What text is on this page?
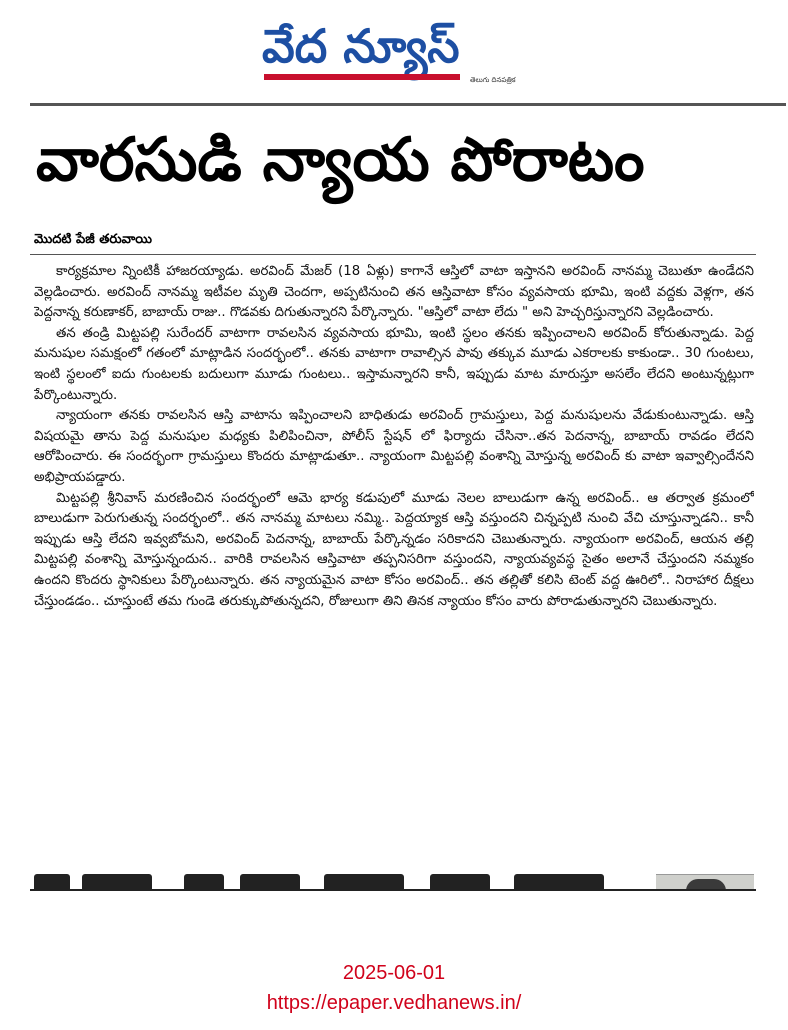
వేద న్యూస్
తెలుగు దినపత్రిక
వారసుడి న్యాయ పోరాటం
మొదటి పేజీ తరువాయి

కార్యక్రమాల న్నింటికీ హాజరయ్యాడు. అరవింద్ మేజర్ (18 ఏళ్లు) కాగానే ఆస్తిలో వాటా ఇస్తానని అరవింద్ నానమ్మ చెబుతూ ఉండేదని వెల్లడించారు. అరవింద్ నానమ్మ ఇటీవల మృతి చెందగా, అప్పటినుంచి తన ఆస్తివాటా కోసం వ్యవసాయ భూమి, ఇంటి వద్దకు వెళ్లగా, తన పెద్దనాన్న కరుణాకర్, బాబాయ్ రాజు.. గొడవకు దిగుతున్నారని పేర్కొన్నారు. "ఆస్తిలో వాటా లేదు " అని హెచ్చరిస్తున్నారని వెల్లడించారు.

తన తండ్రి మిట్టపల్లి సురేందర్ వాటాగా రావలసిన వ్యవసాయ భూమి, ఇంటి స్థలం తనకు ఇప్పించాలని అరవింద్ కోరుతున్నాడు. పెద్ద మనుషుల సమక్షంలో గతంలో మాట్లాడిన సందర్భంలో.. తనకు వాటాగా రావాల్సిన పావు తక్కువ మూడు ఎకరాలకు కాకుండా.. 30 గుంటలు, ఇంటి స్థలంలో ఐదు గుంటలకు బదులుగా మూడు గుంటలు.. ఇస్తామన్నారని కానీ, ఇప్పుడు మాట మారుస్తూ అసలేం లేదని అంటున్నట్లుగా పేర్కొంటున్నారు.

న్యాయంగా తనకు రావలసిన ఆస్తి వాటాను ఇప్పించాలని బాధితుడు అరవింద్ గ్రామస్తులు, పెద్ద మనుషులను వేడుకుంటున్నాడు. ఆస్తి విషయమై తాను పెద్ద మనుషుల మధ్యకు పిలిపించినా, పోలీస్ స్టేషన్ లో ఫిర్యాదు చేసినా..తన పెదనాన్న, బాబాయ్ రావడం లేదని ఆరోపించారు. ఈ సందర్భంగా గ్రామస్తులు కొందరు మాట్లాడుతూ.. న్యాయంగా మిట్టపల్లి వంశాన్ని మోస్తున్న అరవింద్ కు వాటా ఇవ్వాల్సిందేనని అభిప్రాయపడ్డారు.

మిట్టపల్లి శ్రీనివాస్ మరణించిన సందర్భంలో ఆమె భార్య కడుపులో మూడు నెలల బాలుడుగా ఉన్న అరవింద్.. ఆ తర్వాత క్రమంలో బాలుడుగా పెరుగుతున్న సందర్భంలో.. తన నానమ్మ మాటలు నమ్మి.. పెద్దయ్యాక ఆస్తి వస్తుందని చిన్నప్పటి నుంచి వేచి చూస్తున్నాడని.. కానీ ఇప్పుడు ఆస్తి లేదని ఇవ్వబోమని, అరవింద్ పెదనాన్న, బాబాయ్ పేర్కొన్నడం సరికాదని చెబుతున్నారు. న్యాయంగా అరవింద్, ఆయన తల్లి మిట్టపల్లి వంశాన్ని మోస్తున్నందున.. వారికి రావలసిన ఆస్తివాటా తప్పనిసరిగా వస్తుందని, న్యాయవ్యవస్థ సైతం అలానే చేస్తుందని నమ్మకం ఉందని కొందరు స్థానికులు పేర్కొంటున్నారు. తన న్యాయమైన వాటా కోసం అరవింద్.. తన తల్లితో కలిసి టెంట్ వద్ద ఊరిలో.. నిరాహార దీక్షలు చేస్తుండడం.. చూస్తుంటే తమ గుండె తరుక్కుపోతున్నదని, రోజులుగా తిని తినక న్యాయం కోసం వారు పోరాడుతున్నారని చెబుతున్నారు.

2025-06-01
https://epaper.vedhanews.in/
